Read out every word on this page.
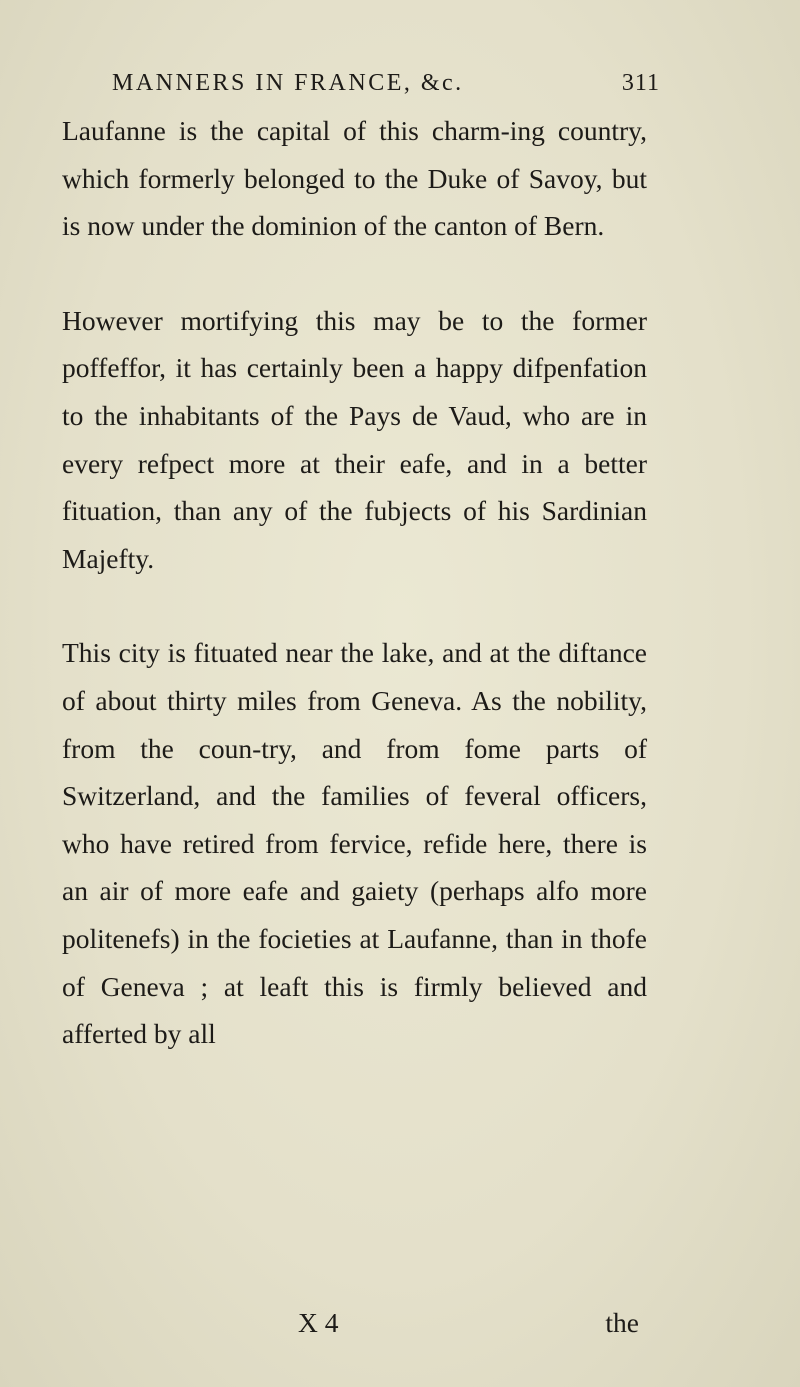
MANNERS IN FRANCE, &c.	311

Laufanne is the capital of this charm-ing country, which formerly belonged to the Duke of Savoy, but is now under the dominion of the canton of Bern.

However mortifying this may be to the former poffeffor, it has certainly been a happy difpenfation to the inhabitants of the Pays de Vaud, who are in every refpect more at their eafe, and in a better fituation, than any of the fubjects of his Sardinian Majefty.

This city is fituated near the lake, and at the diftance of about thirty miles from Geneva. As the nobility, from the coun-try, and from fome parts of Switzerland, and the families of feveral officers, who have retired from fervice, refide here, there is an air of more eafe and gaiety (perhaps alfo more politenefs) in the focieties at Laufanne, than in thofe of Geneva ; at leaft this is firmly believed and afferted by all

X 4	the
